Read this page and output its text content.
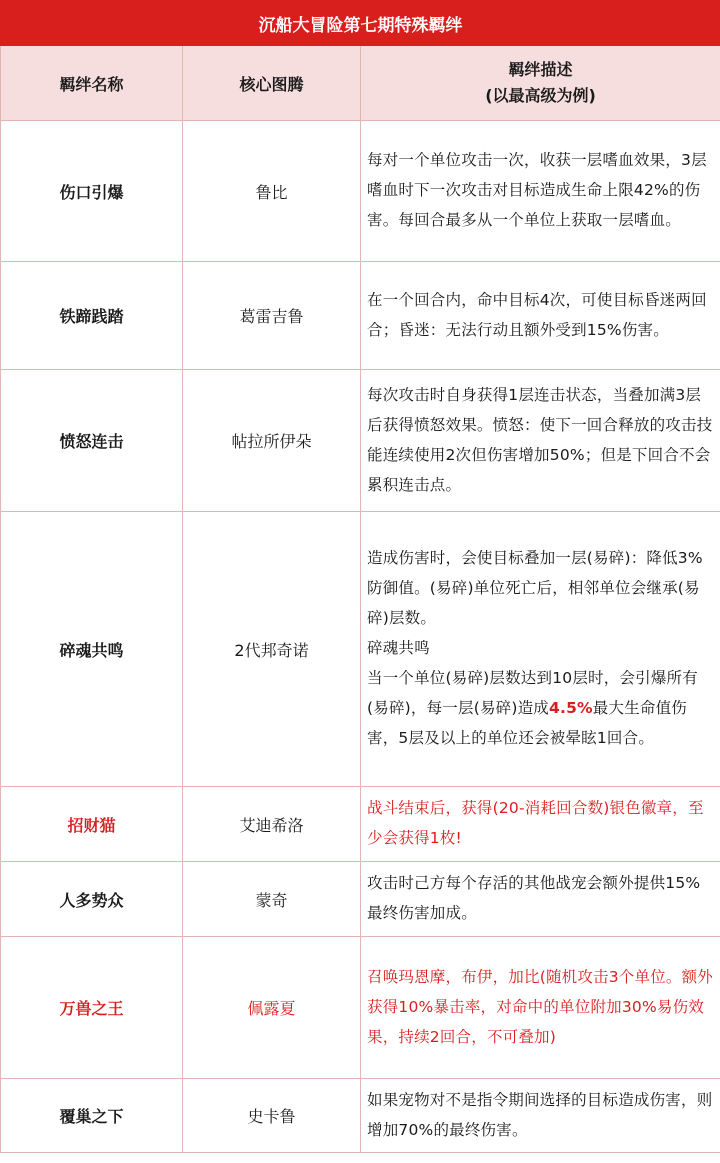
沉船大冒险第七期特殊羁绊		
羁绊名称	核心图腾	羁绊描述
(以最高级为例)

伤口引爆	鲁比	每对一个单位攻击一次，收获一层嗜血效果，3层嗜血时下一次攻击对目标造成生命上限42%的伤害。每回合最多从一个单位上获取一层嗜血。
铁蹄践踏	葛雷吉鲁	在一个回合内，命中目标4次，可使目标昏迷两回合；昏迷：无法行动且额外受到15%伤害。
愤怒连击	帖拉所伊朵	每次攻击时自身获得1层连击状态，当叠加满3层后获得愤怒效果。愤怒：使下一回合释放的攻击技能连续使用2次但伤害增加50%；但是下回合不会累积连击点。
碎魂共鸣	2代邦奇诺	造成伤害时，会使目标叠加一层(易碎)：降低3%防御值。(易碎)单位死亡后，相邻单位会继承(易碎)层数。
碎魂共鸣
当一个单位(易碎)层数达到10层时，会引爆所有(易碎)，每一层(易碎)造成4.5%最大生命值伤害，5层及以上的单位还会被晕眩1回合。

招财猫	艾迪希洛	战斗结束后，获得(20-消耗回合数)银色徽章，至少会获得1枚!
人多势众	蒙奇	攻击时己方每个存活的其他战宠会额外提供15%最终伤害加成。
万兽之王	佩露夏	召唤玛恩摩，布伊，加比(随机攻击3个单位。额外获得10%暴击率，对命中的单位附加30%易伤效果，持续2回合，不可叠加)
覆巢之下	史卡鲁	如果宠物对不是指令期间选择的目标造成伤害，则增加70%的最终伤害。
